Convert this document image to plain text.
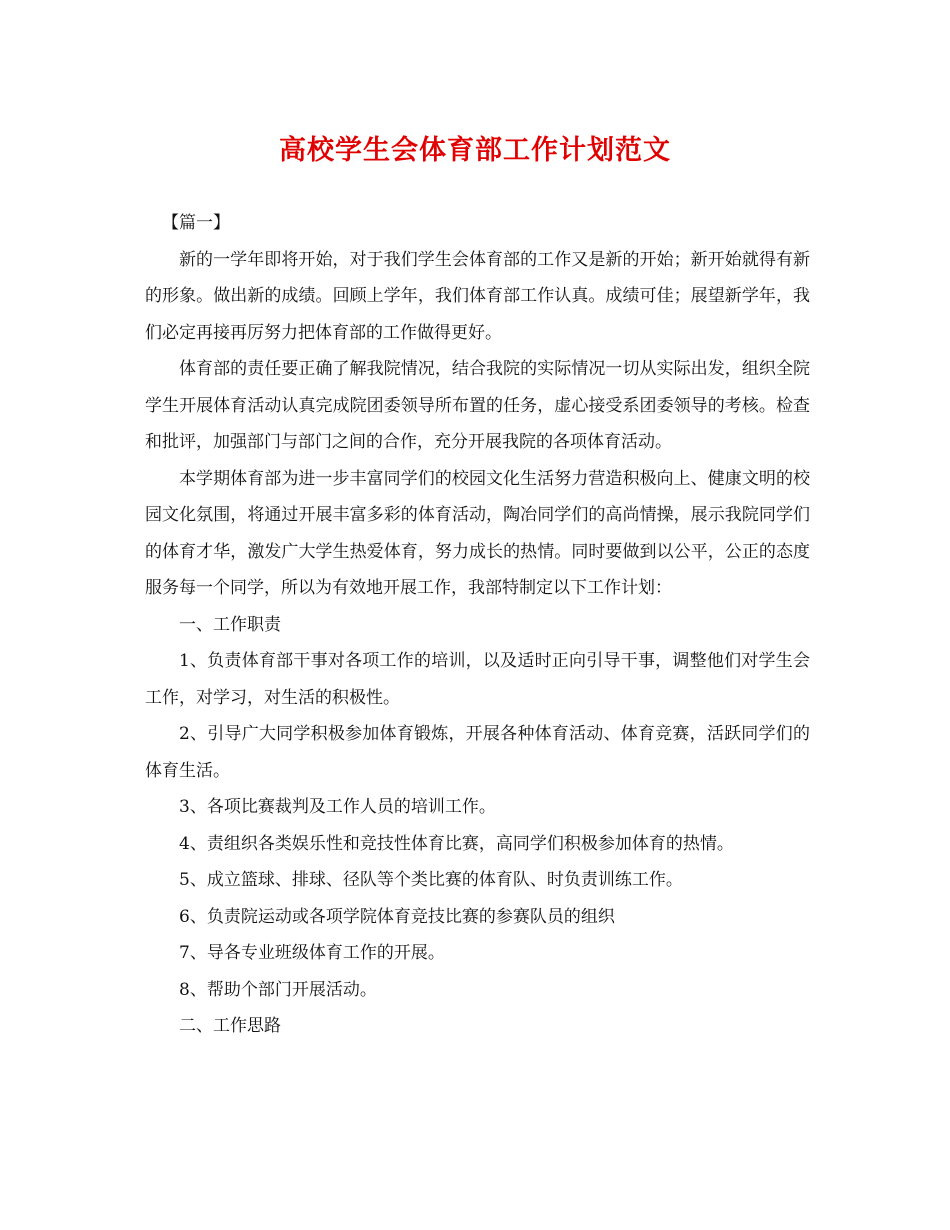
高校学生会体育部工作计划范文

【篇一】

新的一学年即将开始，对于我们学生会体育部的工作又是新的开始；新开始就得有新的形象。做出新的成绩。回顾上学年，我们体育部工作认真。成绩可佳；展望新学年，我们必定再接再厉努力把体育部的工作做得更好。

体育部的责任要正确了解我院情况，结合我院的实际情况一切从实际出发，组织全院学生开展体育活动认真完成院团委领导所布置的任务，虚心接受系团委领导的考核。检查和批评，加强部门与部门之间的合作，充分开展我院的各项体育活动。

本学期体育部为进一步丰富同学们的校园文化生活努力营造积极向上、健康文明的校园文化氛围，将通过开展丰富多彩的体育活动，陶冶同学们的高尚情操，展示我院同学们的体育才华，激发广大学生热爱体育，努力成长的热情。同时要做到以公平，公正的态度服务每一个同学，所以为有效地开展工作，我部特制定以下工作计划：

一、工作职责

1、负责体育部干事对各项工作的培训，以及适时正向引导干事，调整他们对学生会工作，对学习，对生活的积极性。

2、引导广大同学积极参加体育锻炼，开展各种体育活动、体育竞赛，活跃同学们的体育生活。

3、各项比赛裁判及工作人员的培训工作。

4、责组织各类娱乐性和竞技性体育比赛，高同学们积极参加体育的热情。

5、成立篮球、排球、径队等个类比赛的体育队、时负责训练工作。

6、负责院运动或各项学院体育竞技比赛的参赛队员的组织

7、导各专业班级体育工作的开展。

8、帮助个部门开展活动。

二、工作思路
